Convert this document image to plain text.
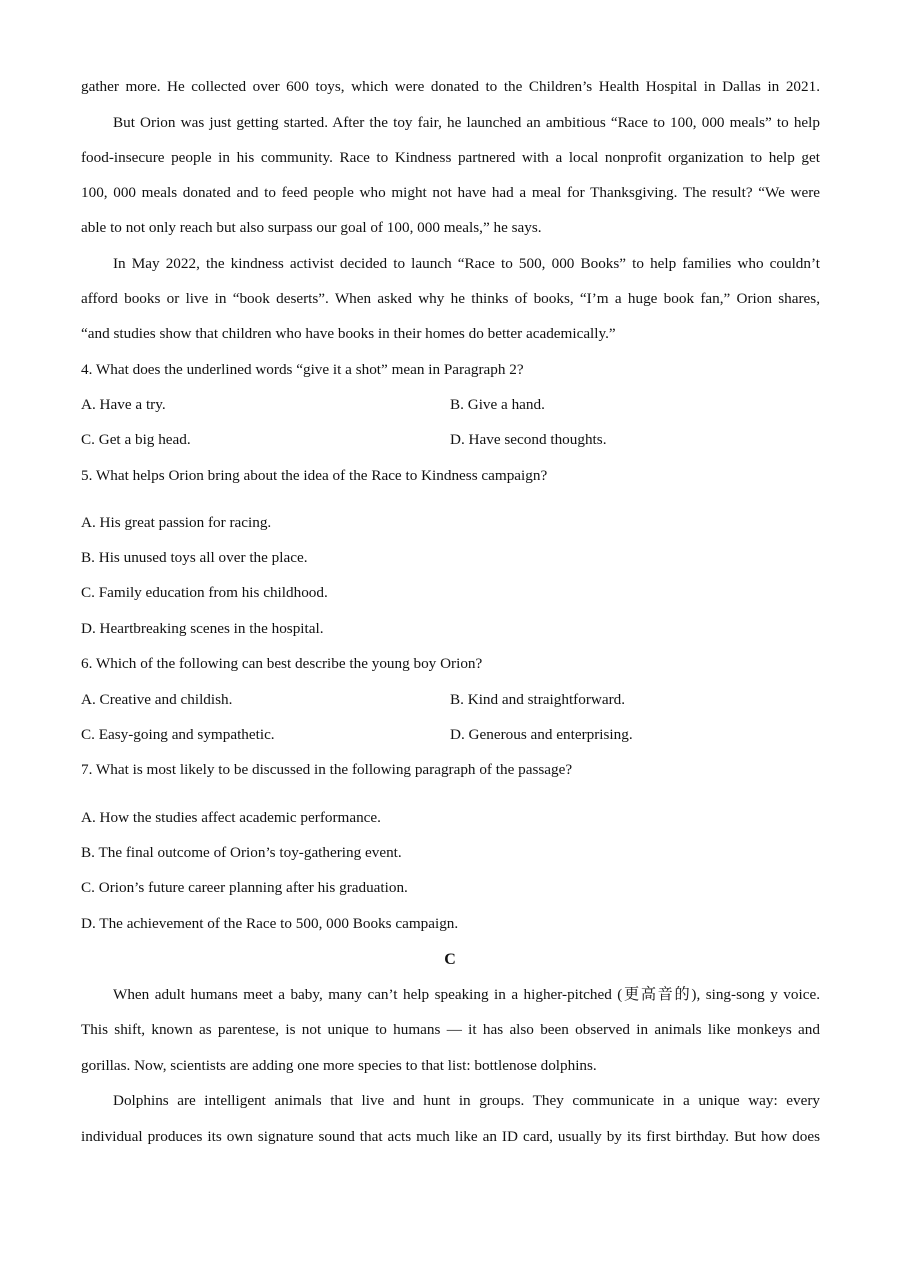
gather more. He collected over 600 toys, which were donated to the Children’s Health Hospital in Dallas in 2021.
But Orion was just getting started. After the toy fair, he launched an ambitious “Race to 100, 000 meals” to help
food-insecure people in his community. Race to Kindness partnered with a local nonprofit organization to help get
100, 000 meals donated and to feed people who might not have had a meal for Thanksgiving. The result? “We were
able to not only reach but also surpass our goal of 100, 000 meals,” he says.
In May 2022, the kindness activist decided to launch “Race to 500, 000 Books” to help families who couldn’t
afford books or live in “book deserts”. When asked why he thinks of books, “I’m a huge book fan,” Orion shares,
“and studies show that children who have books in their homes do better academically.”
4. What does the underlined words “give it a shot” mean in Paragraph 2?
A. Have a try.	B. Give a hand.
C. Get a big head.	D. Have second thoughts.
5. What helps Orion bring about the idea of the Race to Kindness campaign?
A. His great passion for racing.
B. His unused toys all over the place.
C. Family education from his childhood.
D. Heartbreaking scenes in the hospital.
6. Which of the following can best describe the young boy Orion?
A. Creative and childish.	B. Kind and straightforward.
C. Easy-going and sympathetic.	D. Generous and enterprising.
7. What is most likely to be discussed in the following paragraph of the passage?
A. How the studies affect academic performance.
B. The final outcome of Orion’s toy-gathering event.
C. Orion’s future career planning after his graduation.
D. The achievement of the Race to 500, 000 Books campaign.
C
When adult humans meet a baby, many can’t help speaking in a higher-pitched (更高音的), sing-song y voice.
This shift, known as parentese, is not unique to humans — it has also been observed in animals like monkeys and
gorillas. Now, scientists are adding one more species to that list: bottlenose dolphins.
Dolphins are intelligent animals that live and hunt in groups. They communicate in a unique way: every
individual produces its own signature sound that acts much like an ID card, usually by its first birthday. But how does
